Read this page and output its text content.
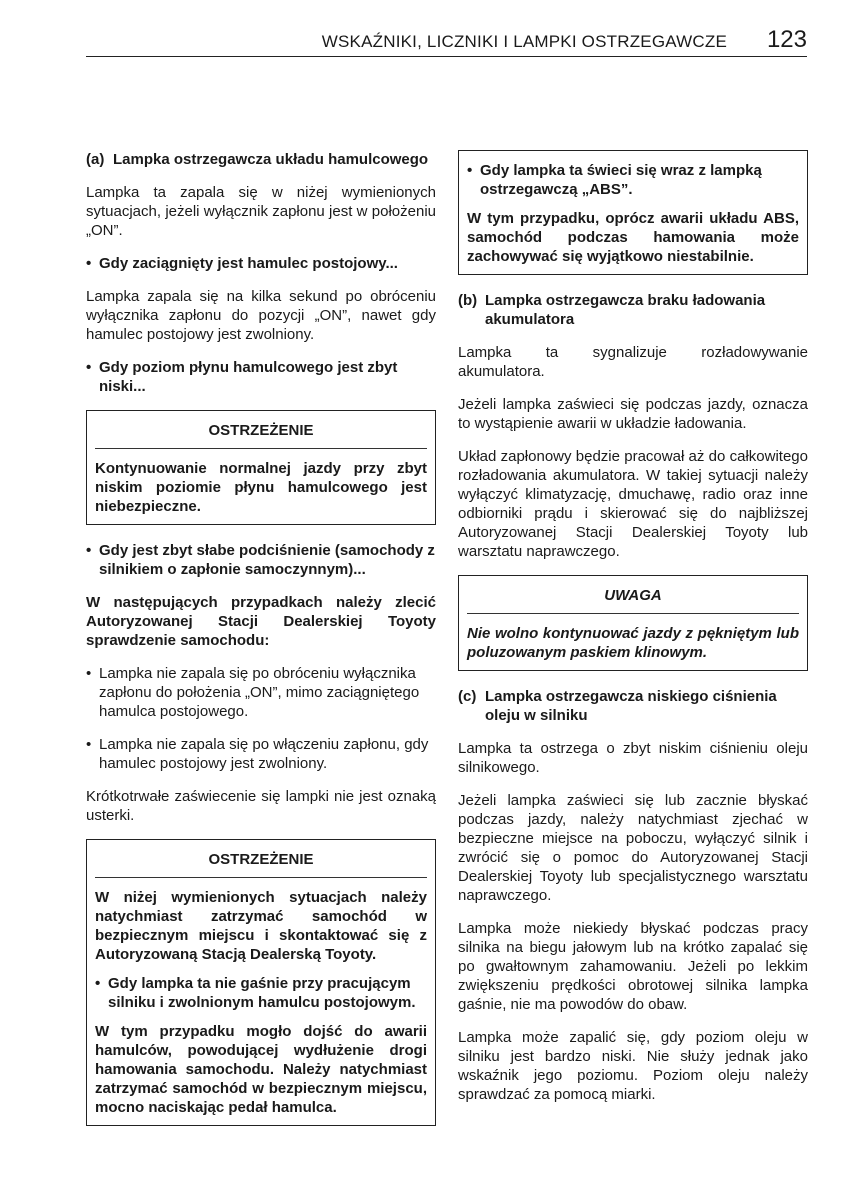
WSKAŹNIKI, LICZNIKI I LAMPKI OSTRZEGAWCZE 123
(a) Lampka ostrzegawcza układu hamulcowego

Lampka ta zapala się w niżej wymienionych sytuacjach, jeżeli wyłącznik zapłonu jest w położeniu „ON”.

• Gdy zaciągnięty jest hamulec postojowy...

Lampka zapala się na kilka sekund po obróceniu wyłącznika zapłonu do pozycji „ON”, nawet gdy hamulec postojowy jest zwolniony.

• Gdy poziom płynu hamulcowego jest zbyt niski...
OSTRZEŻENIE

Kontynuowanie normalnej jazdy przy zbyt niskim poziomie płynu hamulcowego jest niebezpieczne.

• Gdy jest zbyt słabe podciśnienie (samochody z silnikiem o zapłonie samoczynnym)...

W następujących przypadkach należy zlecić Autoryzowanej Stacji Dealerskiej Toyoty sprawdzenie samochodu:

• Lampka nie zapala się po obróceniu wyłącznika zapłonu do położenia „ON”, mimo zaciągniętego hamulca postojowego.
• Lampka nie zapala się po włączeniu zapłonu, gdy hamulec postojowy jest zwolniony.

Krótkotrwałe zaświecenie się lampki nie jest oznaką usterki.

OSTRZEŻENIE

W niżej wymienionych sytuacjach należy natychmiast zatrzymać samochód w bezpiecznym miejscu i skontaktować się z Autoryzowaną Stacją Dealerską Toyoty.

• Gdy lampka ta nie gaśnie przy pracującym silniku i zwolnionym hamulcu postojowym.

W tym przypadku mogło dojść do awarii hamulców, powodującej wydłużenie drogi hamowania samochodu. Należy natychmiast zatrzymać samochód w bezpiecznym miejscu, mocno naciskając pedał hamulca.

• Gdy lampka ta świeci się wraz z lampką ostrzegawczą „ABS”.

W tym przypadku, oprócz awarii układu ABS, samochód podczas hamowania może zachowywać się wyjątkowo niestabilnie.

(b) Lampka ostrzegawcza braku ładowania akumulatora

Lampka ta sygnalizuje rozładowywanie akumulatora.

Jeżeli lampka zaświeci się podczas jazdy, oznacza to wystąpienie awarii w układzie ładowania.

Układ zapłonowy będzie pracował aż do całkowitego rozładowania akumulatora. W takiej sytuacji należy wyłączyć klimatyzację, dmuchawę, radio oraz inne odbiorniki prądu i skierować się do najbliższej Autoryzowanej Stacji Dealerskiej Toyoty lub warsztatu naprawczego.

UWAGA

Nie wolno kontynuować jazdy z pękniętym lub poluzowanym paskiem klinowym.

(c) Lampka ostrzegawcza niskiego ciśnienia oleju w silniku

Lampka ta ostrzega o zbyt niskim ciśnieniu oleju silnikowego.

Jeżeli lampka zaświeci się lub zacznie błyskać podczas jazdy, należy natychmiast zjechać w bezpieczne miejsce na poboczu, wyłączyć silnik i zwrócić się o pomoc do Autoryzowanej Stacji Dealerskiej Toyoty lub specjalistycznego warsztatu naprawczego.

Lampka może niekiedy błyskać podczas pracy silnika na biegu jałowym lub na krótko zapalać się po gwałtownym zahamowaniu. Jeżeli po lekkim zwiększeniu prędkości obrotowej silnika lampka gaśnie, nie ma powodów do obaw.

Lampka może zapalić się, gdy poziom oleju w silniku jest bardzo niski. Nie służy jednak jako wskaźnik jego poziomu. Poziom oleju należy sprawdzać za pomocą miarki.
